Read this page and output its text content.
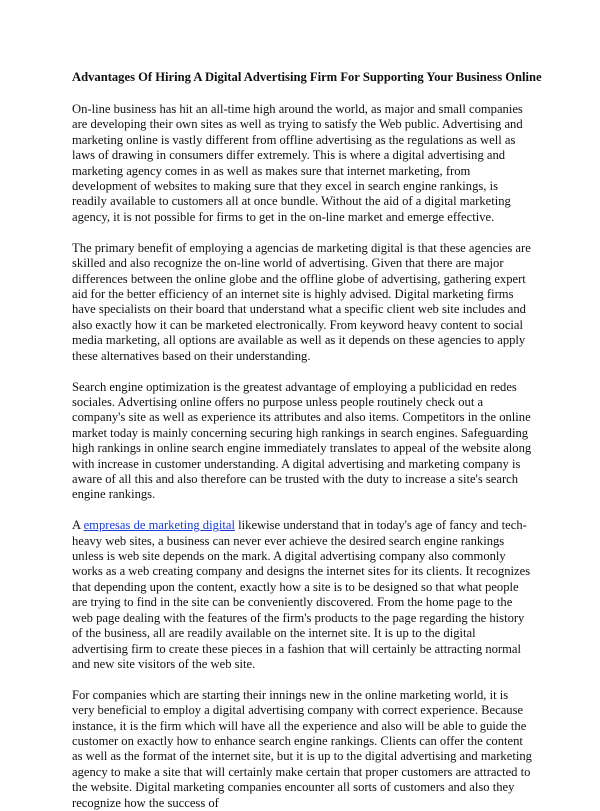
Advantages Of Hiring A Digital Advertising Firm For Supporting Your Business Online

On-line business has hit an all-time high around the world, as major and small companies are developing their own sites as well as trying to satisfy the Web public. Advertising and marketing online is vastly different from offline advertising as the regulations as well as laws of drawing in consumers differ extremely. This is where a digital advertising and marketing agency comes in as well as makes sure that internet marketing, from development of websites to making sure that they excel in search engine rankings, is readily available to customers all at once bundle. Without the aid of a digital marketing agency, it is not possible for firms to get in the on-line market and emerge effective.

The primary benefit of employing a agencias de marketing digital is that these agencies are skilled and also recognize the on-line world of advertising. Given that there are major differences between the online globe and the offline globe of advertising, gathering expert aid for the better efficiency of an internet site is highly advised. Digital marketing firms have specialists on their board that understand what a specific client web site includes and also exactly how it can be marketed electronically. From keyword heavy content to social media marketing, all options are available as well as it depends on these agencies to apply these alternatives based on their understanding.

Search engine optimization is the greatest advantage of employing a publicidad en redes sociales. Advertising online offers no purpose unless people routinely check out a company's site as well as experience its attributes and also items. Competitors in the online market today is mainly concerning securing high rankings in search engines. Safeguarding high rankings in online search engine immediately translates to appeal of the website along with increase in customer understanding. A digital advertising and marketing company is aware of all this and also therefore can be trusted with the duty to increase a site's search engine rankings.

A empresas de marketing digital likewise understand that in today's age of fancy and tech-heavy web sites, a business can never ever achieve the desired search engine rankings unless is web site depends on the mark. A digital advertising company also commonly works as a web creating company and designs the internet sites for its clients. It recognizes that depending upon the content, exactly how a site is to be designed so that what people are trying to find in the site can be conveniently discovered. From the home page to the web page dealing with the features of the firm's products to the page regarding the history of the business, all are readily available on the internet site. It is up to the digital advertising firm to create these pieces in a fashion that will certainly be attracting normal and new site visitors of the web site.

For companies which are starting their innings new in the online marketing world, it is very beneficial to employ a digital advertising company with correct experience. Because instance, it is the firm which will have all the experience and also will be able to guide the customer on exactly how to enhance search engine rankings. Clients can offer the content as well as the format of the internet site, but it is up to the digital advertising and marketing agency to make a site that will certainly make certain that proper customers are attracted to the website. Digital marketing companies encounter all sorts of customers and also they recognize how the success of
